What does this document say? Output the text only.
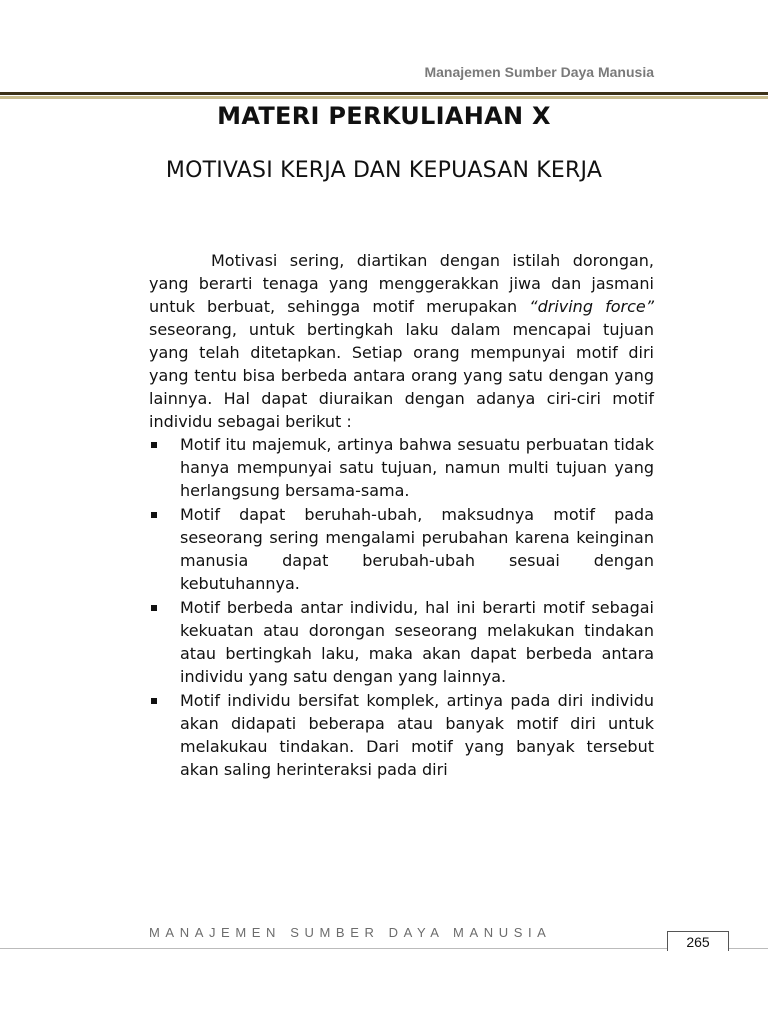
Manajemen Sumber Daya Manusia
MATERI PERKULIAHAN X
MOTIVASI KERJA DAN KEPUASAN KERJA

Motivasi sering, diartikan dengan istilah dorongan, yang berarti tenaga yang menggerakkan jiwa dan jasmani untuk berbuat, sehingga motif merupakan “driving force” seseorang, untuk bertingkah laku dalam mencapai tujuan yang telah ditetapkan. Setiap orang mempunyai motif diri yang tentu bisa berbeda antara orang yang satu dengan yang lainnya. Hal dapat diuraikan dengan adanya ciri-ciri motif individu sebagai berikut :

Motif itu majemuk, artinya bahwa sesuatu perbuatan tidak hanya mempunyai satu tujuan, namun multi tujuan yang herlangsung bersama-sama.
Motif dapat beruhah-ubah, maksudnya motif pada seseorang sering mengalami perubahan karena keinginan manusia dapat berubah-ubah sesuai dengan kebutuhannya.
Motif berbeda antar individu, hal ini berarti motif sebagai kekuatan atau dorongan seseorang melakukan tindakan atau bertingkah laku, maka akan dapat berbeda antara individu yang satu dengan yang lainnya.
Motif individu bersifat komplek, artinya pada diri individu akan didapati beberapa atau banyak motif diri untuk melakukau tindakan. Dari motif yang banyak tersebut akan saling herinteraksi pada diri
MANAJEMEN SUMBER DAYA MANUSIA
265
